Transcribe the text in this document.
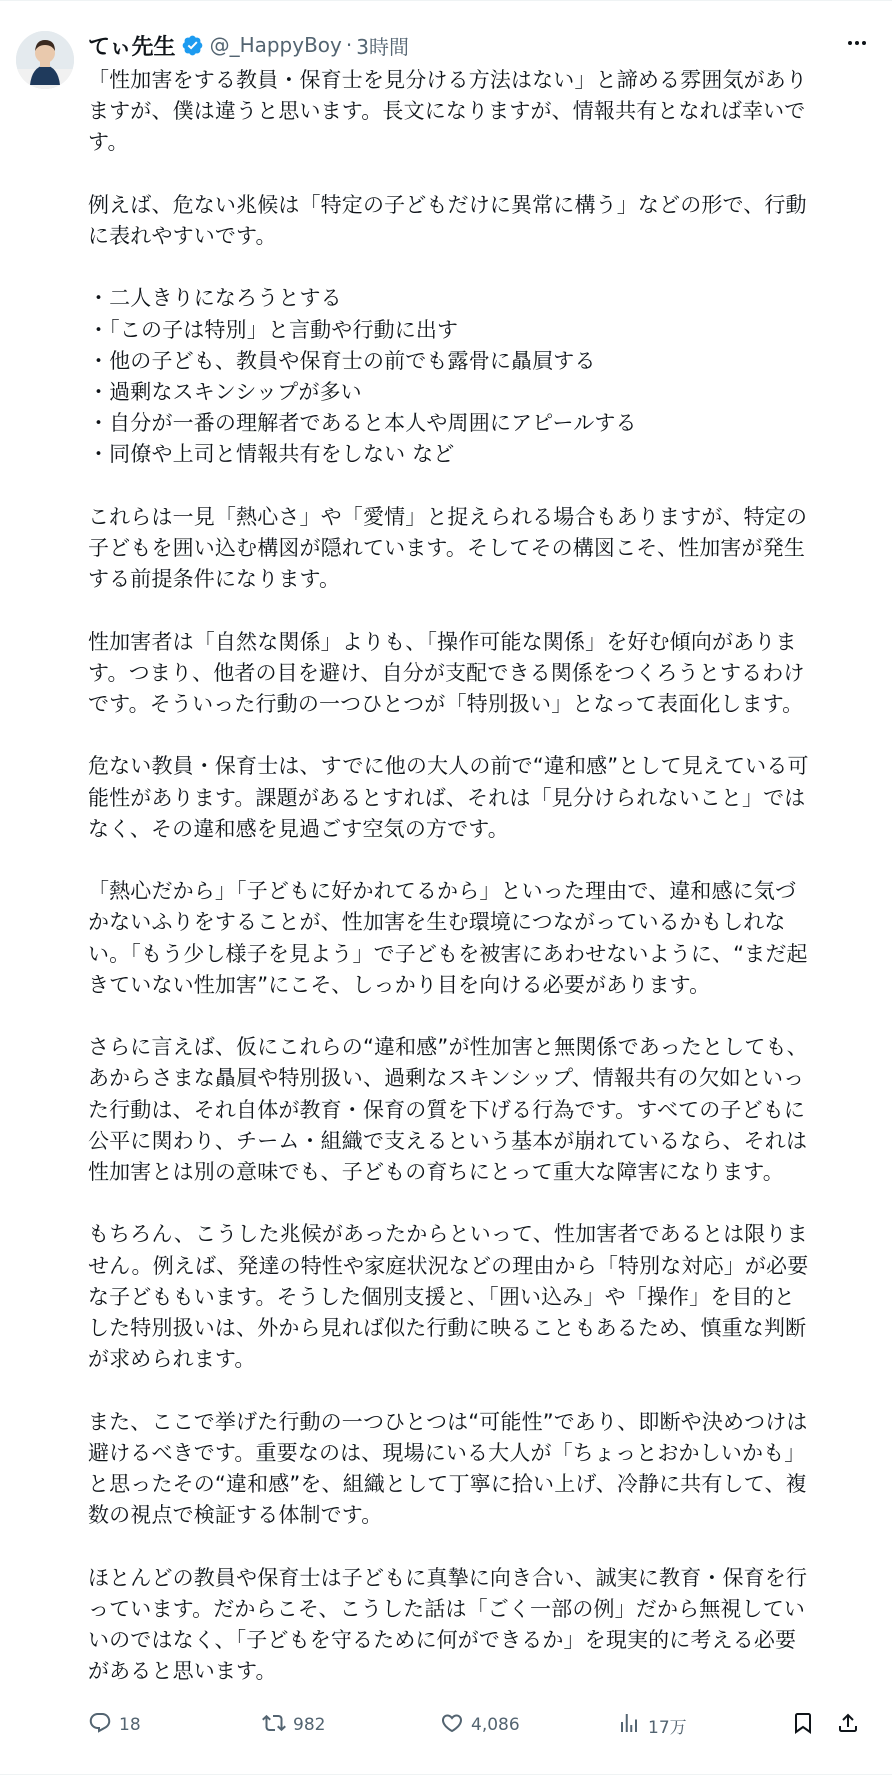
てぃ先生 @_HappyBoy · 3時間
「性加害をする教員・保育士を見分ける方法はない」と諦める雰囲気があり
ますが、僕は違うと思います。長文になりますが、情報共有となれば幸いで
す。
例えば、危ない兆候は「特定の子どもだけに異常に構う」などの形で、行動
に表れやすいです。
・二人きりになろうとする
・「この子は特別」と言動や行動に出す
・他の子ども、教員や保育士の前でも露骨に贔屓する
・過剰なスキンシップが多い
・自分が一番の理解者であると本人や周囲にアピールする
・同僚や上司と情報共有をしない など
これらは一見「熱心さ」や「愛情」と捉えられる場合もありますが、特定の
子どもを囲い込む構図が隠れています。そしてその構図こそ、性加害が発生
する前提条件になります。
性加害者は「自然な関係」よりも、「操作可能な関係」を好む傾向がありま
す。つまり、他者の目を避け、自分が支配できる関係をつくろうとするわけ
です。そういった行動の一つひとつが「特別扱い」となって表面化します。
危ない教員・保育士は、すでに他の大人の前で“違和感”として見えている可
能性があります。課題があるとすれば、それは「見分けられないこと」では
なく、その違和感を見過ごす空気の方です。
「熱心だから」「子どもに好かれてるから」といった理由で、違和感に気づ
かないふりをすることが、性加害を生む環境につながっているかもしれな
い。「もう少し様子を見よう」で子どもを被害にあわせないように、“まだ起
きていない性加害”にこそ、しっかり目を向ける必要があります。
さらに言えば、仮にこれらの“違和感”が性加害と無関係であったとしても、
あからさまな贔屓や特別扱い、過剰なスキンシップ、情報共有の欠如といっ
た行動は、それ自体が教育・保育の質を下げる行為です。すべての子どもに
公平に関わり、チーム・組織で支えるという基本が崩れているなら、それは
性加害とは別の意味でも、子どもの育ちにとって重大な障害になります。
もちろん、こうした兆候があったからといって、性加害者であるとは限りま
せん。例えば、発達の特性や家庭状況などの理由から「特別な対応」が必要
な子どももいます。そうした個別支援と、「囲い込み」や「操作」を目的と
した特別扱いは、外から見れば似た行動に映ることもあるため、慎重な判断
が求められます。
また、ここで挙げた行動の一つひとつは“可能性”であり、即断や決めつけは
避けるべきです。重要なのは、現場にいる大人が「ちょっとおかしいかも」
と思ったその“違和感”を、組織として丁寧に拾い上げ、冷静に共有して、複
数の視点で検証する体制です。
ほとんどの教員や保育士は子どもに真摯に向き合い、誠実に教育・保育を行
っています。だからこそ、こうした話は「ごく一部の例」だから無視してい
いのではなく、「子どもを守るために何ができるか」を現実的に考える必要
があると思います。
18	982	4,086	17万
